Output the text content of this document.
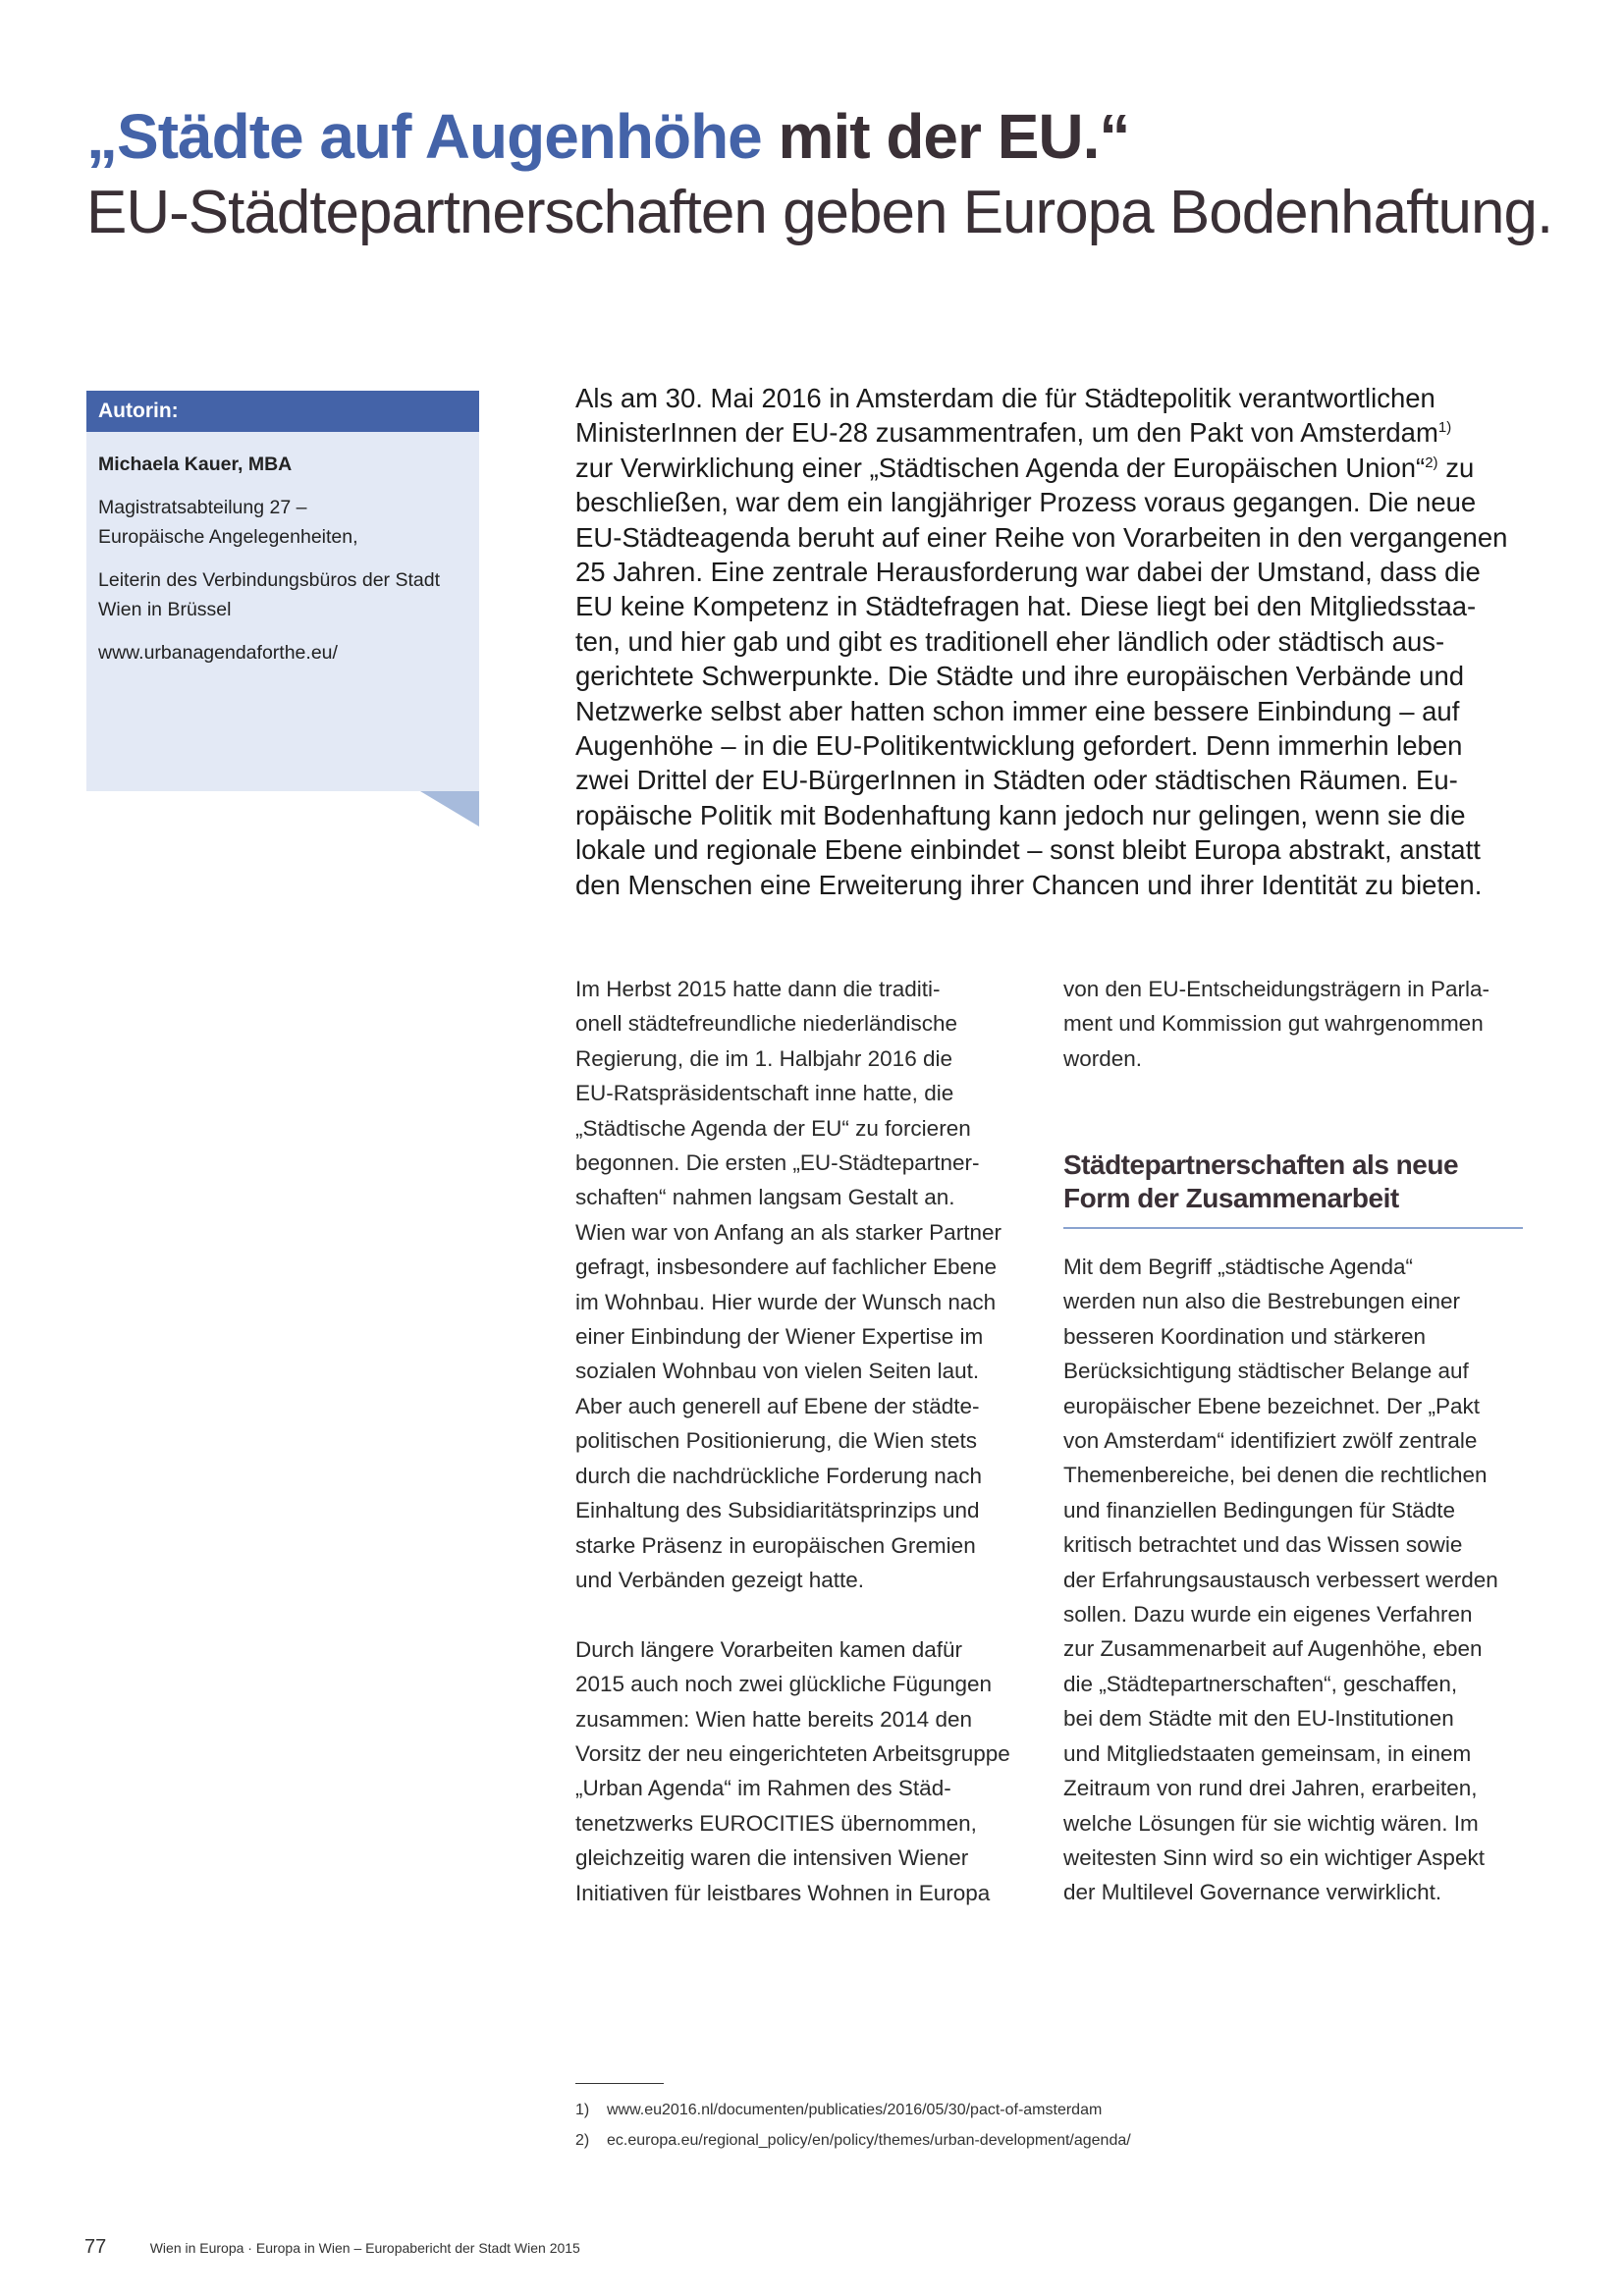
„Städte auf Augenhöhe mit der EU.“
EU-Städtepartnerschaften geben Europa Bodenhaftung.
Autorin:

Michaela Kauer, MBA

Magistratsabteilung 27 –
Europäische Angelegenheiten,

Leiterin des Verbindungsbüros der Stadt
Wien in Brüssel

www.urbanagendaforthe.eu/

Als am 30. Mai 2016 in Amsterdam die für Städtepolitik verantwortlichen
MinisterInnen der EU-28 zusammentrafen, um den Pakt von Amsterdam$^{1)}$
zur Verwirklichung einer „Städtischen Agenda der Europäischen Union“$^{2)}$ zu
beschließen, war dem ein langjähriger Prozess voraus gegangen. Die neue
EU-Städteagenda beruht auf einer Reihe von Vorarbeiten in den vergangenen
25 Jahren. Eine zentrale Herausforderung war dabei der Umstand, dass die
EU keine Kompetenz in Städtefragen hat. Diese liegt bei den Mitgliedsstaa-
ten, und hier gab und gibt es traditionell eher ländlich oder städtisch aus-
gerichtete Schwerpunkte. Die Städte und ihre europäischen Verbände und
Netzwerke selbst aber hatten schon immer eine bessere Einbindung – auf
Augenhöhe – in die EU-Politikentwicklung gefordert. Denn immerhin leben
zwei Drittel der EU-BürgerInnen in Städten oder städtischen Räumen. Eu-
ropäische Politik mit Bodenhaftung kann jedoch nur gelingen, wenn sie die
lokale und regionale Ebene einbindet – sonst bleibt Europa abstrakt, anstatt
den Menschen eine Erweiterung ihrer Chancen und ihrer Identität zu bieten.

Im Herbst 2015 hatte dann die traditi-
onell städtefreundliche niederländische
Regierung, die im 1. Halbjahr 2016 die
EU-Ratspräsidentschaft inne hatte, die
„Städtische Agenda der EU“ zu forcieren
begonnen. Die ersten „EU-Städtepartner-
schaften“ nahmen langsam Gestalt an.
Wien war von Anfang an als starker Partner
gefragt, insbesondere auf fachlicher Ebene
im Wohnbau. Hier wurde der Wunsch nach
einer Einbindung der Wiener Expertise im
sozialen Wohnbau von vielen Seiten laut.
Aber auch generell auf Ebene der städte-
politischen Positionierung, die Wien stets
durch die nachdrückliche Forderung nach
Einhaltung des Subsidiaritätsprinzips und
starke Präsenz in europäischen Gremien
und Verbänden gezeigt hatte.
Durch längere Vorarbeiten kamen dafür
2015 auch noch zwei glückliche Fügungen
zusammen: Wien hatte bereits 2014 den
Vorsitz der neu eingerichteten Arbeitsgruppe
„Urban Agenda“ im Rahmen des Städ-
tenetzwerks EUROCITIES übernommen,
gleichzeitig waren die intensiven Wiener
Initiativen für leistbares Wohnen in Europa
von den EU-Entscheidungsträgern in Parla-
ment und Kommission gut wahrgenommen
worden.
Städtepartnerschaften als neue
Form der Zusammenarbeit
Mit dem Begriff „städtische Agenda“
werden nun also die Bestrebungen einer
besseren Koordination und stärkeren
Berücksichtigung städtischer Belange auf
europäischer Ebene bezeichnet. Der „Pakt
von Amsterdam“ identifiziert zwölf zentrale
Themenbereiche, bei denen die rechtlichen
und finanziellen Bedingungen für Städte
kritisch betrachtet und das Wissen sowie
der Erfahrungsaustausch verbessert werden
sollen. Dazu wurde ein eigenes Verfahren
zur Zusammenarbeit auf Augenhöhe, eben
die „Städtepartnerschaften“, geschaffen,
bei dem Städte mit den EU-Institutionen
und Mitgliedstaaten gemeinsam, in einem
Zeitraum von rund drei Jahren, erarbeiten,
welche Lösungen für sie wichtig wären. Im
weitesten Sinn wird so ein wichtiger Aspekt
der Multilevel Governance verwirklicht.
1) www.eu2016.nl/documenten/publicaties/2016/05/30/pact-of-amsterdam
2) ec.europa.eu/regional_policy/en/policy/themes/urban-development/agenda/
77	Wien in Europa · Europa in Wien – Europabericht der Stadt Wien 2015
